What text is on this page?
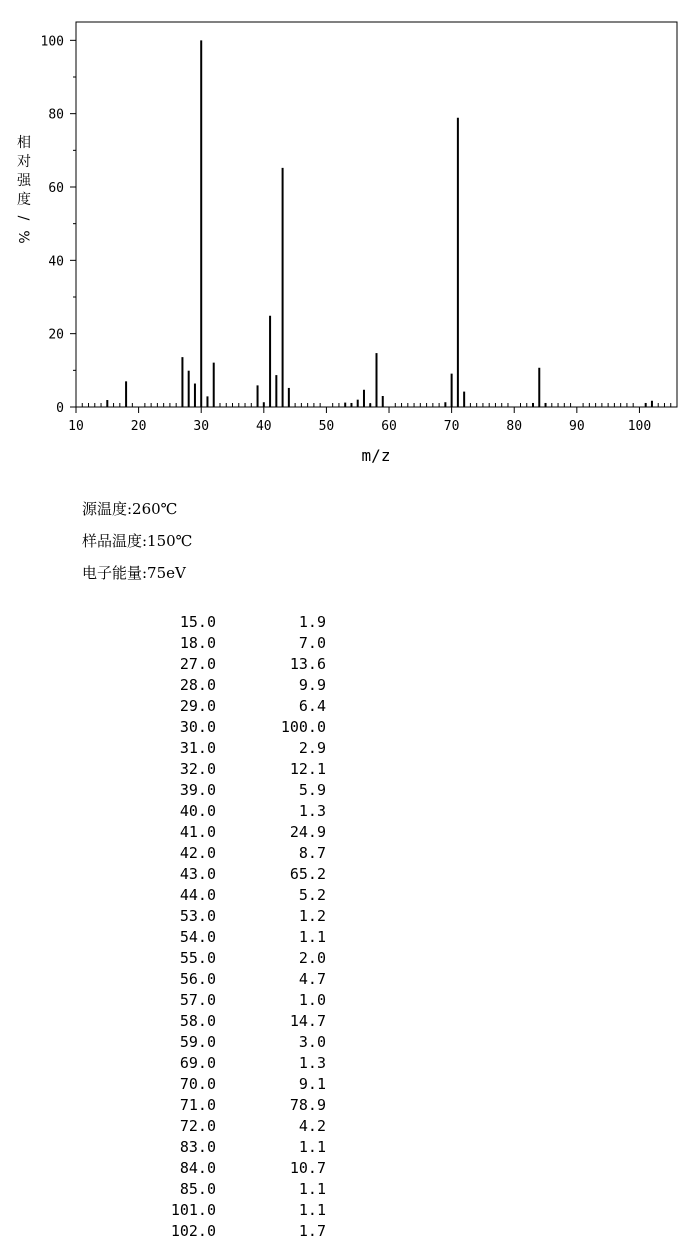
10	20	30	40	50	60	70	80	90	100
0
20
40
60
80
100
m/z
相
对
强
度
/
%
源温度:260℃
样品温度:150℃
电子能量:75eV
15.0	1.9
18.0	7.0
27.0	13.6
28.0	9.9
29.0	6.4
30.0	100.0
31.0	2.9
32.0	12.1
39.0	5.9
40.0	1.3
41.0	24.9
42.0	8.7
43.0	65.2
44.0	5.2
53.0	1.2
54.0	1.1
55.0	2.0
56.0	4.7
57.0	1.0
58.0	14.7
59.0	3.0
69.0	1.3
70.0	9.1
71.0	78.9
72.0	4.2
83.0	1.1
84.0	10.7
85.0	1.1
101.0	1.1
102.0	1.7
